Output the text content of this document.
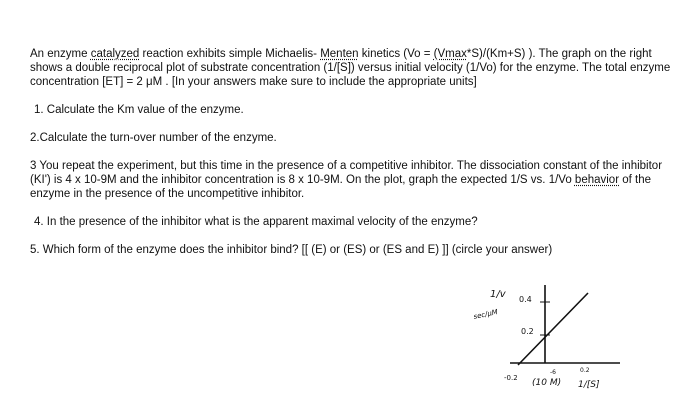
An enzyme catalyzed reaction exhibits simple Michaelis- Menten kinetics (Vo = (Vmax*S)/(Km+S) ). The graph on the right
shows a double reciprocal plot of substrate concentration (1/[S]) versus initial velocity (1/Vo) for the enzyme. The total enzyme
concentration [ET] = 2 μM . [In your answers make sure to include the appropriate units]
1. Calculate the Km value of the enzyme.
2.Calculate the turn-over number of the enzyme.
3 You repeat the experiment, but this time in the presence of a competitive inhibitor. The dissociation constant of the inhibitor
(KI') is 4 x 10-9M and the inhibitor concentration is 8 x 10-9M. On the plot, graph the expected 1/S vs. 1/Vo behavior of the
enzyme in the presence of the uncompetitive inhibitor.
4. In the presence of the inhibitor what is the apparent maximal velocity of the enzyme?
5. Which form of the enzyme does the inhibitor bind? [[ (E) or (ES) or (ES and E) ]] (circle your answer)
1/v
sec/μM
0.4
0.2
-0.2
0.2
(10 M)
-6
1/[S]
